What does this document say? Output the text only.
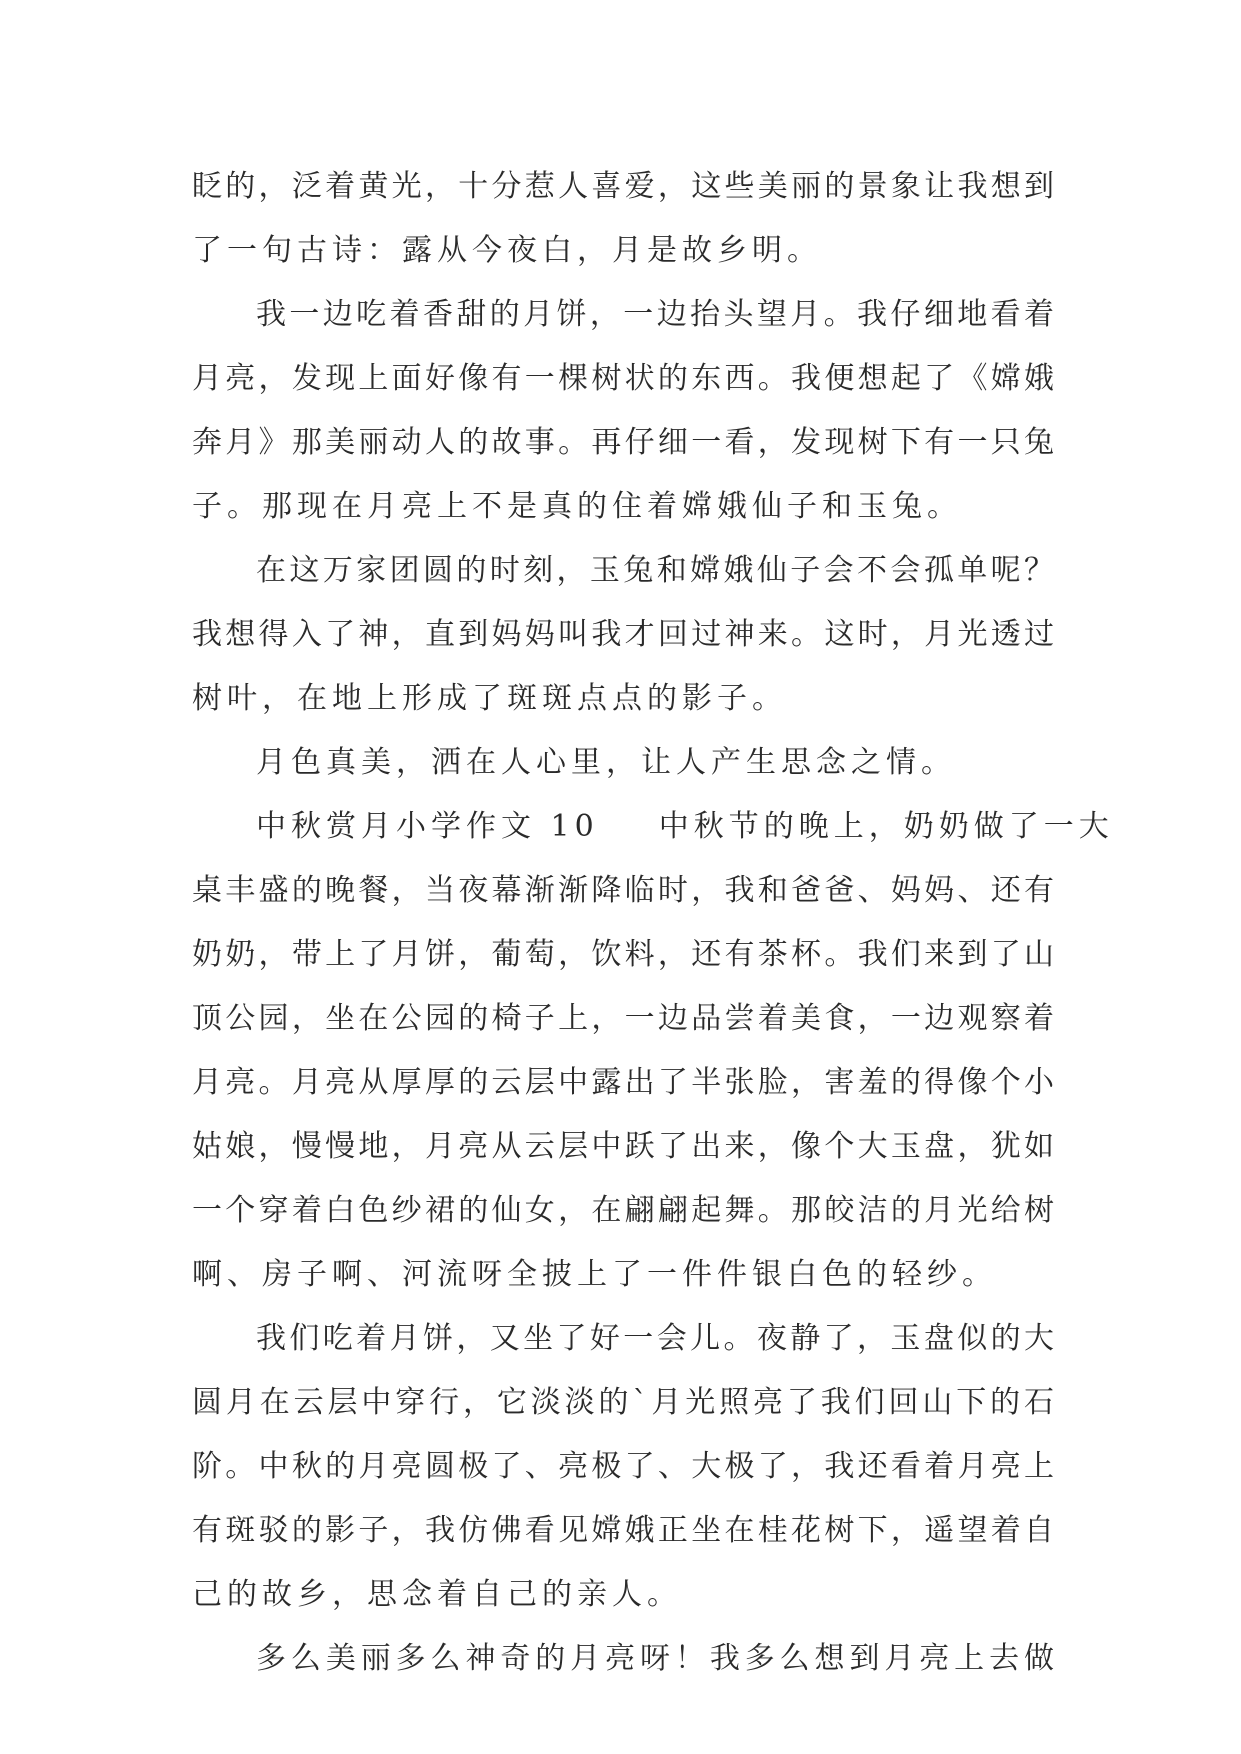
眨的，泛着黄光，十分惹人喜爱，这些美丽的景象让我想到
了一句古诗：露从今夜白，月是故乡明。
我一边吃着香甜的月饼，一边抬头望月。我仔细地看着
月亮，发现上面好像有一棵树状的东西。我便想起了《嫦娥
奔月》那美丽动人的故事。再仔细一看，发现树下有一只兔
子。那现在月亮上不是真的住着嫦娥仙子和玉兔。
在这万家团圆的时刻，玉兔和嫦娥仙子会不会孤单呢？
我想得入了神，直到妈妈叫我才回过神来。这时，月光透过
树叶，在地上形成了斑斑点点的影子。
月色真美，洒在人心里，让人产生思念之情。
中秋赏月小学作文 10 中秋节的晚上，奶奶做了一大
桌丰盛的晚餐，当夜幕渐渐降临时，我和爸爸、妈妈、还有
奶奶，带上了月饼，葡萄，饮料，还有茶杯。我们来到了山
顶公园，坐在公园的椅子上，一边品尝着美食，一边观察着
月亮。月亮从厚厚的云层中露出了半张脸，害羞的得像个小
姑娘，慢慢地，月亮从云层中跃了出来，像个大玉盘，犹如
一个穿着白色纱裙的仙女，在翩翩起舞。那皎洁的月光给树
啊、房子啊、河流呀全披上了一件件银白色的轻纱。
我们吃着月饼，又坐了好一会儿。夜静了，玉盘似的大
圆月在云层中穿行，它淡淡的`月光照亮了我们回山下的石
阶。中秋的月亮圆极了、亮极了、大极了，我还看着月亮上
有斑驳的影子，我仿佛看见嫦娥正坐在桂花树下，遥望着自
己的故乡，思念着自己的亲人。
多么美丽多么神奇的月亮呀！我多么想到月亮上去做
